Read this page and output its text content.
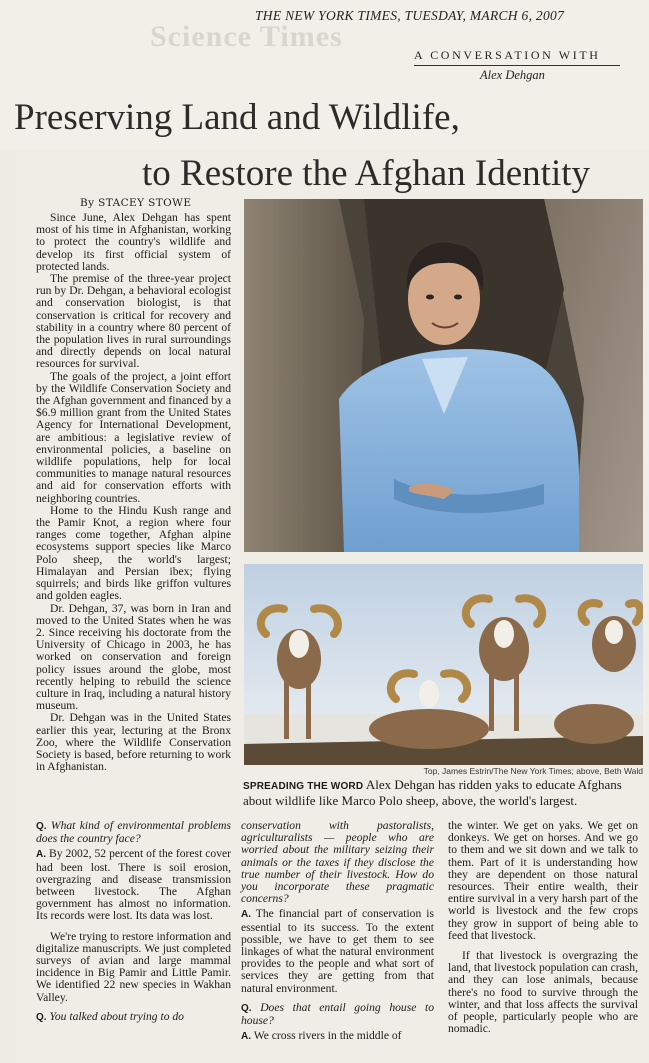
Science Times
THE NEW YORK TIMES, TUESDAY, MARCH 6, 2007
A CONVERSATION WITH
Alex Dehgan
Preserving Land and Wildlife,
to Restore the Afghan Identity
By STACEY STOWE

Since June, Alex Dehgan has spent most of his time in Afghanistan, working to protect the country's wildlife and develop its first official system of protected lands.

The premise of the three-year project run by Dr. Dehgan, a behavioral ecologist and conservation biologist, is that conservation is critical for recovery and stability in a country where 80 percent of the population lives in rural surroundings and directly depends on local natural resources for survival.

The goals of the project, a joint effort by the Wildlife Conservation Society and the Afghan government and financed by a $6.9 million grant from the United States Agency for International Development, are ambitious: a legislative review of environmental policies, a baseline on wildlife populations, help for local communities to manage natural resources and aid for conservation efforts with neighboring countries.

Home to the Hindu Kush range and the Pamir Knot, a region where four ranges come together, Afghan alpine ecosystems support species like Marco Polo sheep, the world's largest; Himalayan and Persian ibex; flying squirrels; and birds like griffon vultures and golden eagles.

Dr. Dehgan, 37, was born in Iran and moved to the United States when he was 2. Since receiving his doctorate from the University of Chicago in 2003, he has worked on conservation and foreign policy issues around the globe, most recently helping to rebuild the science culture in Iraq, including a natural history museum.

Dr. Dehgan was in the United States earlier this year, lecturing at the Bronx Zoo, where the Wildlife Conservation Society is based, before returning to work in Afghanistan.

Q. What kind of environmental problems does the country face?

A. By 2002, 52 percent of the forest cover had been lost. There is soil erosion, overgrazing and disease transmission between livestock. The Afghan government has almost no information. Its records were lost. Its data was lost.

We're trying to restore information and digitalize manuscripts. We just completed surveys of avian and large mammal incidence in Big Pamir and Little Pamir. We identified 22 new species in Wakhan Valley.

Q. You talked about trying to do

conservation with pastoralists, agriculturalists — people who are worried about the military seizing their animals or the taxes if they disclose the true number of their livestock. How do you incorporate these pragmatic concerns?

A. The financial part of conservation is essential to its success. To the extent possible, we have to get them to see linkages of what the natural environment provides to the people and what sort of services they are getting from that natural environment.

Q. Does that entail going house to house?

A. We cross rivers in the middle of

the winter. We get on yaks. We get on donkeys. We get on horses. And we go to them and we sit down and we talk to them. Part of it is understanding how they are dependent on those natural resources. Their entire wealth, their entire survival in a very harsh part of the world is livestock and the few crops they grow in support of being able to feed that livestock.

If that livestock is overgrazing the land, that livestock population can crash, and they can lose animals, because there's no food to survive through the winter, and that loss affects the survival of people, particularly people who are nomadic.

Top, James Estrin/The New York Times; above, Beth Wald
SPREADING THE WORD Alex Dehgan has ridden yaks to educate Afghans about wildlife like Marco Polo sheep, above, the world's largest.
